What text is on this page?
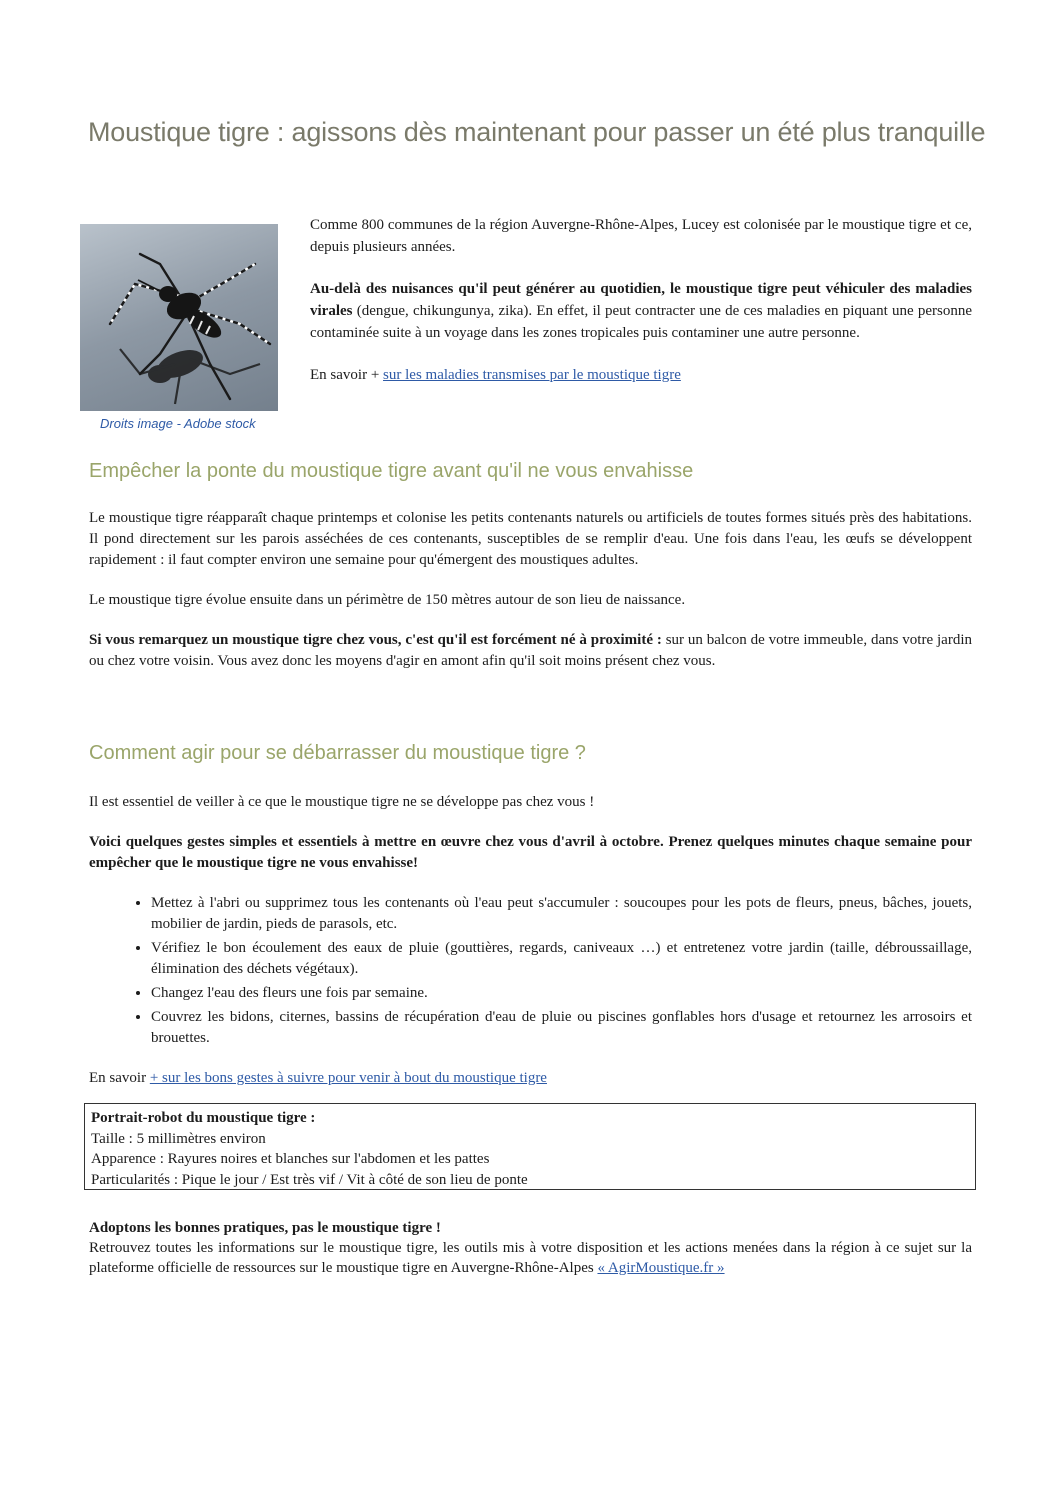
Moustique tigre : agissons dès maintenant pour passer un été plus tranquille
Droits image - Adobe stock

Comme 800 communes de la région Auvergne-Rhône-Alpes, Lucey est colonisée par le moustique tigre et ce, depuis plusieurs années.

Au-delà des nuisances qu'il peut générer au quotidien, le moustique tigre peut véhiculer des maladies virales (dengue, chikungunya, zika). En effet, il peut contracter une de ces maladies en piquant une personne contaminée suite à un voyage dans les zones tropicales puis contaminer une autre personne.

En savoir + sur les maladies transmises par le moustique tigre

Empêcher la ponte du moustique tigre avant qu'il ne vous envahisse

Le moustique tigre réapparaît chaque printemps et colonise les petits contenants naturels ou artificiels de toutes formes situés près des habitations. Il pond directement sur les parois asséchées de ces contenants, susceptibles de se remplir d'eau. Une fois dans l'eau, les œufs se développent rapidement : il faut compter environ une semaine pour qu'émergent des moustiques adultes.

Le moustique tigre évolue ensuite dans un périmètre de 150 mètres autour de son lieu de naissance.

Si vous remarquez un moustique tigre chez vous, c'est qu'il est forcément né à proximité : sur un balcon de votre immeuble, dans votre jardin ou chez votre voisin. Vous avez donc les moyens d'agir en amont afin qu'il soit moins présent chez vous.

Comment agir pour se débarrasser du moustique tigre ?

Il est essentiel de veiller à ce que le moustique tigre ne se développe pas chez vous !

Voici quelques gestes simples et essentiels à mettre en œuvre chez vous d'avril à octobre. Prenez quelques minutes chaque semaine pour empêcher que le moustique tigre ne vous envahisse!

• Mettez à l'abri ou supprimez tous les contenants où l'eau peut s'accumuler : soucoupes pour les pots de fleurs, pneus, bâches, jouets, mobilier de jardin, pieds de parasols, etc.
• Vérifiez le bon écoulement des eaux de pluie (gouttières, regards, caniveaux …) et entretenez votre jardin (taille, débroussaillage, élimination des déchets végétaux).
• Changez l'eau des fleurs une fois par semaine.
• Couvrez les bidons, citernes, bassins de récupération d'eau de pluie ou piscines gonflables hors d'usage et retournez les arrosoirs et brouettes.

En savoir + sur les bons gestes à suivre pour venir à bout du moustique tigre

Portrait-robot du moustique tigre :
Taille : 5 millimètres environ
Apparence : Rayures noires et blanches sur l'abdomen et les pattes
Particularités : Pique le jour / Est très vif / Vit à côté de son lieu de ponte

Adoptons les bonnes pratiques, pas le moustique tigre !

Retrouvez toutes les informations sur le moustique tigre, les outils mis à votre disposition et les actions menées dans la région à ce sujet sur la plateforme officielle de ressources sur le moustique tigre en Auvergne-Rhône-Alpes « AgirMoustique.fr »
